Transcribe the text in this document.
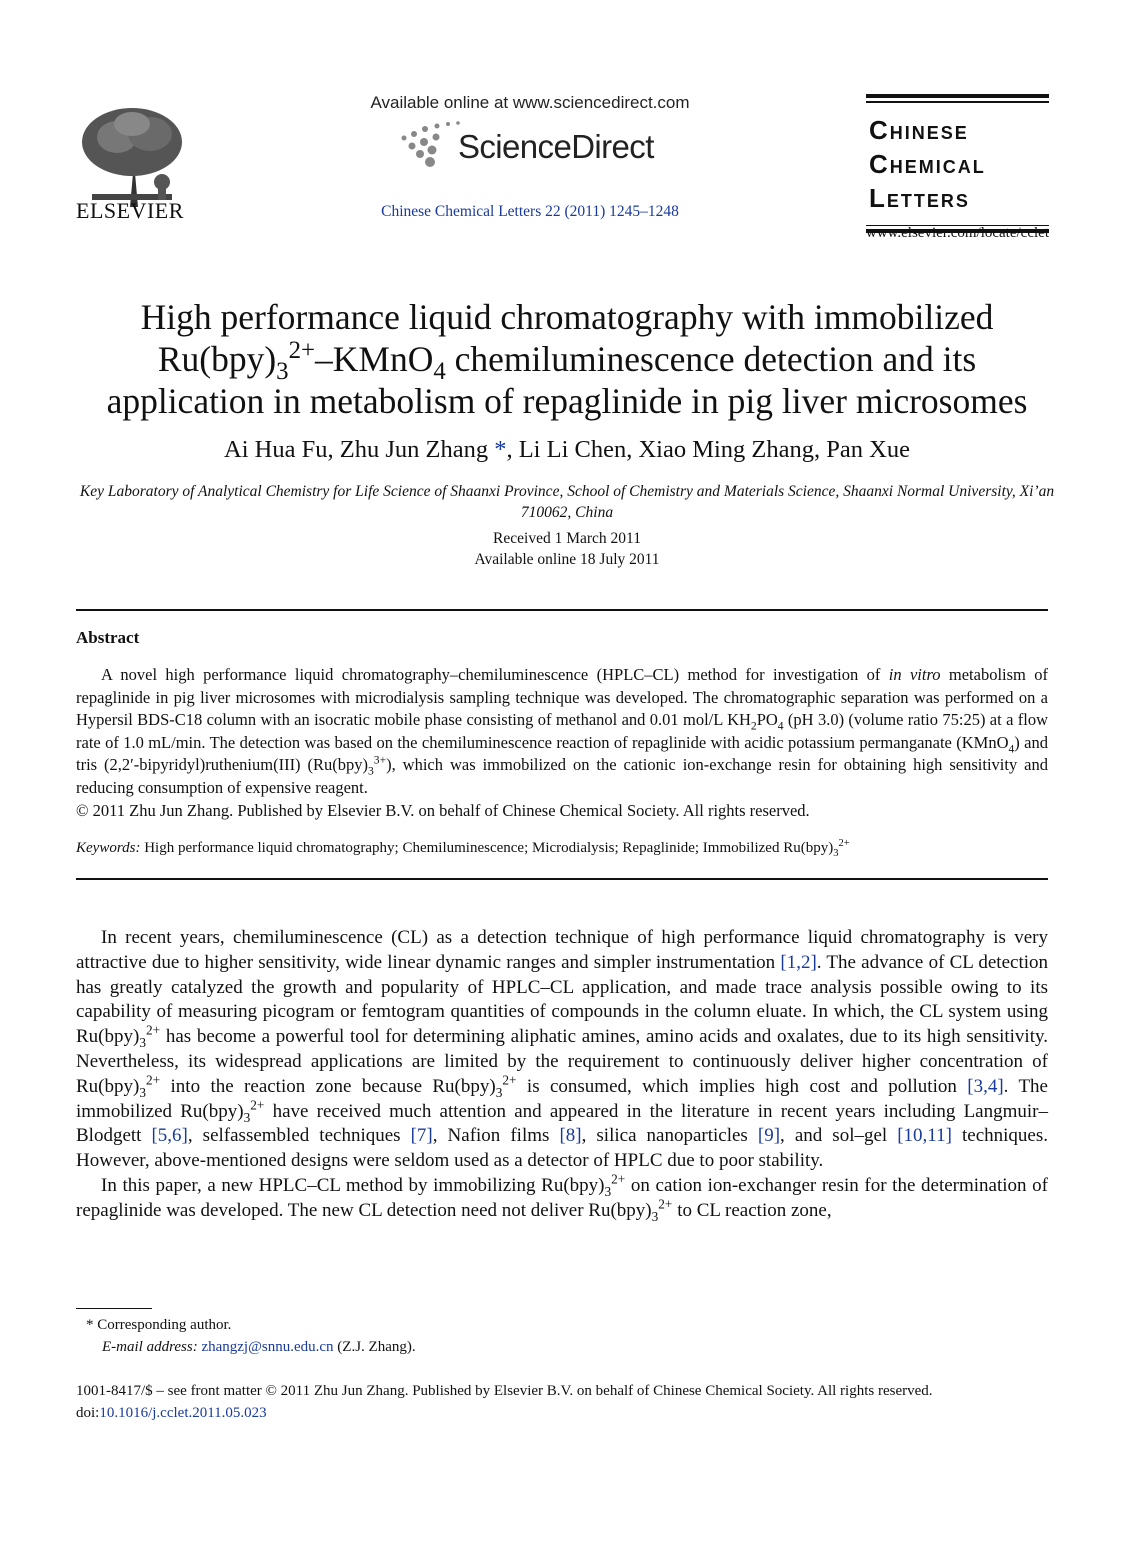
ELSEVIER
Available online at www.sciencedirect.com
ScienceDirect
Chinese Chemical Letters 22 (2011) 1245–1248
Chinese
Chemical
Letters
www.elsevier.com/locate/cclet
High performance liquid chromatography with immobilized
$Ru(bpy)_3^{2+}-KMnO_4$ chemiluminescence detection and its
application in metabolism of repaglinide in pig liver microsomes
Ai Hua Fu, Zhu Jun Zhang *, Li Li Chen, Xiao Ming Zhang, Pan Xue
Key Laboratory of Analytical Chemistry for Life Science of Shaanxi Province, School of Chemistry and Materials Science, Shaanxi Normal University, Xi’an 710062, China
Received 1 March 2011
Available online 18 July 2011
Abstract
A novel high performance liquid chromatography–chemiluminescence (HPLC–CL) method for investigation of in vitro metabolism of repaglinide in pig liver microsomes with microdialysis sampling technique was developed. The chromatographic separation was performed on a Hypersil BDS-C18 column with an isocratic mobile phase consisting of methanol and 0.01 mol/L $KH_2PO_4$ (pH 3.0) (volume ratio 75:25) at a flow rate of 1.0 mL/min. The detection was based on the chemiluminescence reaction of repaglinide with acidic potassium permanganate (KMnO$_4$) and tris (2,2′-bipyridyl)ruthenium(III) $(Ru(bpy)_3^{3+})$, which was immobilized on the cationic ion-exchange resin for obtaining high sensitivity and reducing consumption of expensive reagent.
© 2011 Zhu Jun Zhang. Published by Elsevier B.V. on behalf of Chinese Chemical Society. All rights reserved.
Keywords: High performance liquid chromatography; Chemiluminescence; Microdialysis; Repaglinide; Immobilized $Ru(bpy)_3^{2+}$

In recent years, chemiluminescence (CL) as a detection technique of high performance liquid chromatography is very attractive due to higher sensitivity, wide linear dynamic ranges and simpler instrumentation [1,2]. The advance of CL detection has greatly catalyzed the growth and popularity of HPLC–CL application, and made trace analysis possible owing to its capability of measuring picogram or femtogram quantities of compounds in the column eluate. In which, the CL system using $Ru(bpy)_3^{2+}$ has become a powerful tool for determining aliphatic amines, amino acids and oxalates, due to its high sensitivity. Nevertheless, its widespread applications are limited by the requirement to continuously deliver higher concentration of $Ru(bpy)_3^{2+}$ into the reaction zone because $Ru(bpy)_3^{2+}$ is consumed, which implies high cost and pollution [3,4]. The immobilized $Ru(bpy)_3^{2+}$ have received much attention and appeared in the literature in recent years including Langmuir–Blodgett [5,6], selfassembled techniques [7], Nafion films [8], silica nanoparticles [9], and sol–gel [10,11] techniques. However, above-mentioned designs were seldom used as a detector of HPLC due to poor stability.

In this paper, a new HPLC–CL method by immobilizing $Ru(bpy)_3^{2+}$ on cation ion-exchanger resin for the determination of repaglinide was developed. The new CL detection need not deliver $Ru(bpy)_3^{2+}$ to CL reaction zone,

* Corresponding author.
E-mail address: zhangzj@snnu.edu.cn (Z.J. Zhang).
1001-8417/$ – see front matter © 2011 Zhu Jun Zhang. Published by Elsevier B.V. on behalf of Chinese Chemical Society. All rights reserved.
doi:10.1016/j.cclet.2011.05.023
